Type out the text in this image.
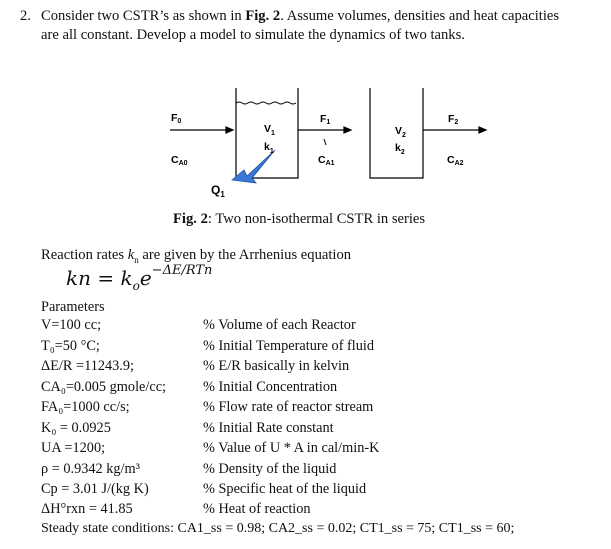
2. Consider two CSTR’s as shown in Fig. 2. Assume volumes, densities and heat capacities
are all constant. Develop a model to simulate the dynamics of two tanks.
F0
CA0
$V_1$
$k_1$
F1
CA1
$V_2$
$k_2$
F2
CA2
$Q_1$
Fig. 2: Two non-isothermal CSTR in series
Reaction rates $k_n$ are given by the Arrhenius equation
kn = $k_oe^{-\Delta E/RTn}$
Parameters
V=100 cc;
T₀=50 °C;
ΔE/R =11243.9;
CA₀=0.005 gmole/cc;
FA₀=1000 cc/s;
K₀ = 0.0925
UA =1200;
ρ = 0.9342 kg/m³
Cp = 3.01 J/(kg K)
ΔH°rxn = 41.85
% Volume of each Reactor
% Initial Temperature of fluid
% E/R basically in kelvin
% Initial Concentration
% Flow rate of reactor stream
% Initial Rate constant
% Value of U * A in cal/min-K
% Density of the liquid
% Specific heat of the liquid
% Heat of reaction
Steady state conditions: CA1_ss = 0.98; CA2_ss = 0.02; CT1_ss = 75; CT1_ss = 60;
